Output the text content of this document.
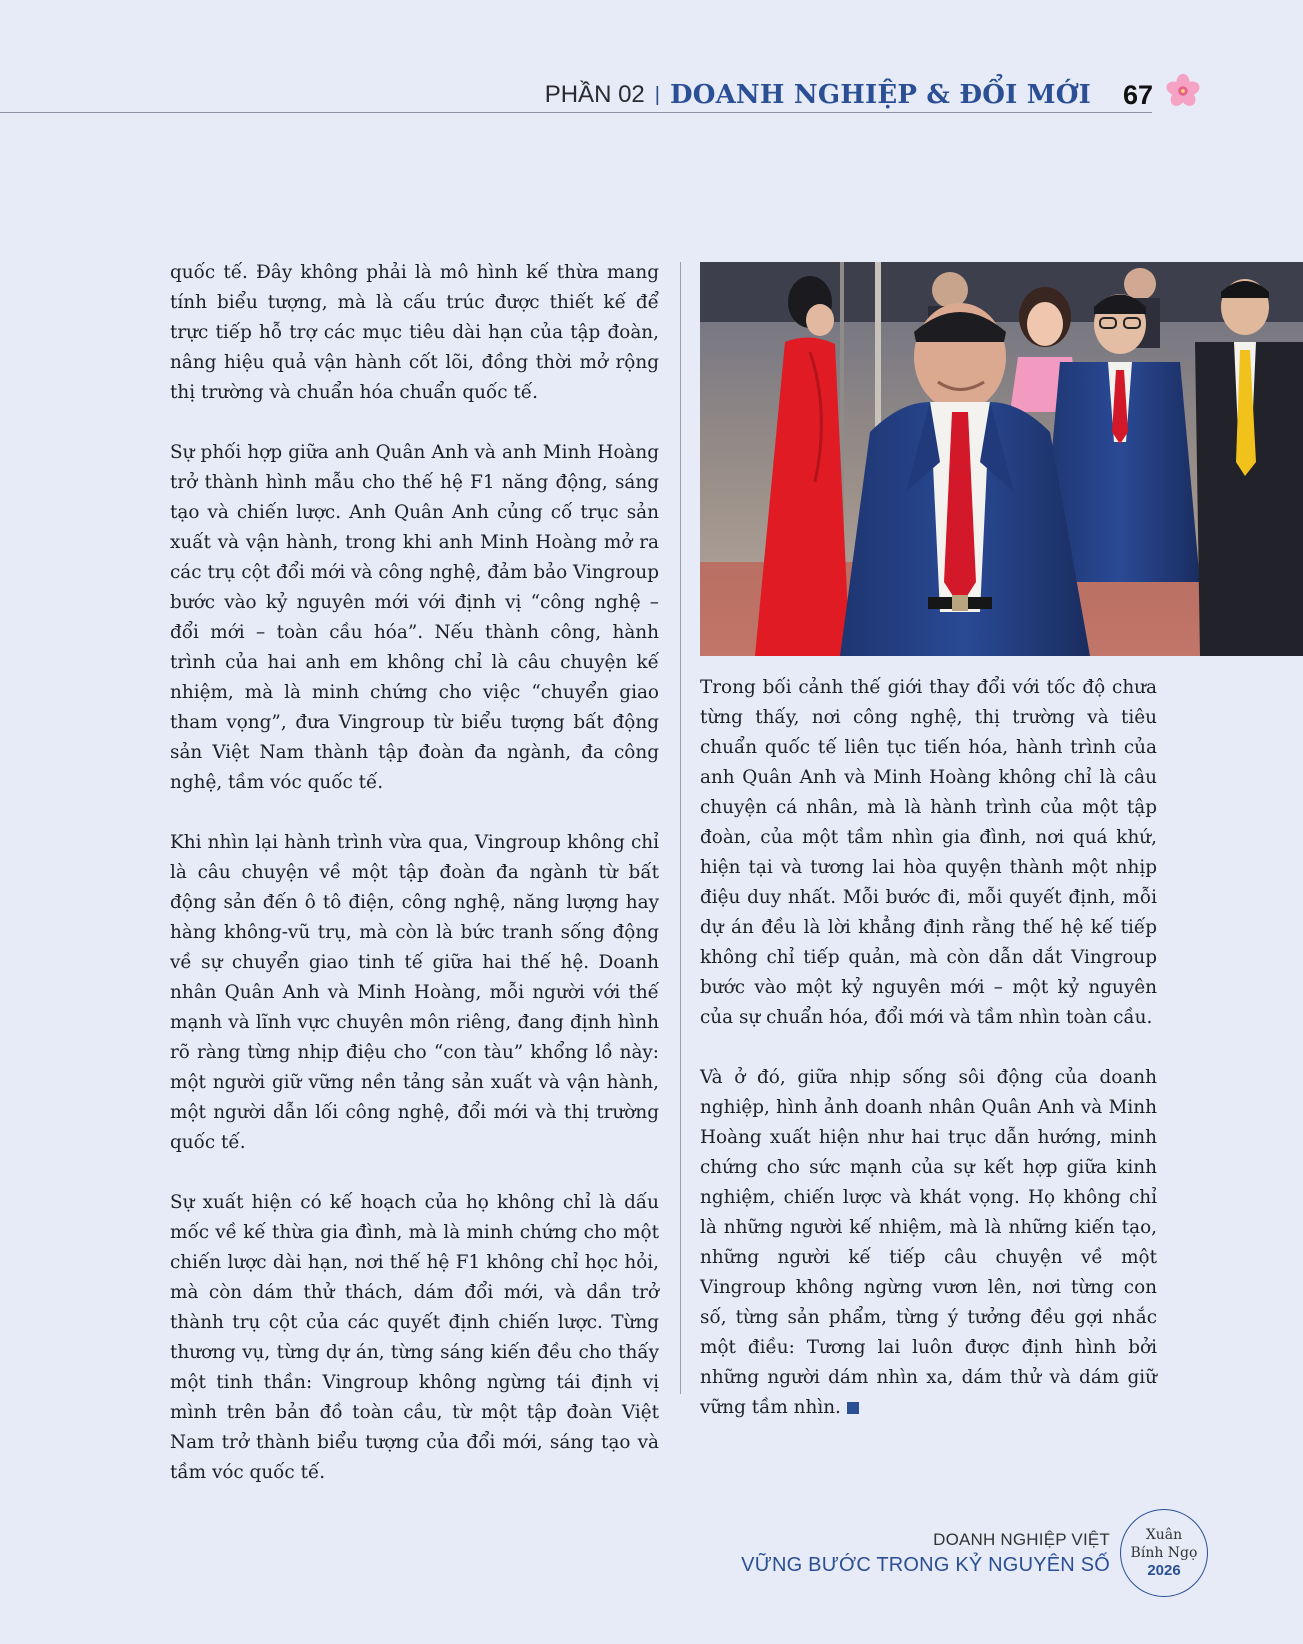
PHẦN 02 | DOANH NGHIỆP & ĐỔI MỚI 67

quốc tế. Đây không phải là mô hình kế thừa mang tính biểu tượng, mà là cấu trúc được thiết kế để trực tiếp hỗ trợ các mục tiêu dài hạn của tập đoàn, nâng hiệu quả vận hành cốt lõi, đồng thời mở rộng thị trường và chuẩn hóa chuẩn quốc tế.

Sự phối hợp giữa anh Quân Anh và anh Minh Hoàng trở thành hình mẫu cho thế hệ F1 năng động, sáng tạo và chiến lược. Anh Quân Anh củng cố trục sản xuất và vận hành, trong khi anh Minh Hoàng mở ra các trụ cột đổi mới và công nghệ, đảm bảo Vingroup bước vào kỷ nguyên mới với định vị “công nghệ – đổi mới – toàn cầu hóa”. Nếu thành công, hành trình của hai anh em không chỉ là câu chuyện kế nhiệm, mà là minh chứng cho việc “chuyển giao tham vọng”, đưa Vingroup từ biểu tượng bất động sản Việt Nam thành tập đoàn đa ngành, đa công nghệ, tầm vóc quốc tế.

Khi nhìn lại hành trình vừa qua, Vingroup không chỉ là câu chuyện về một tập đoàn đa ngành từ bất động sản đến ô tô điện, công nghệ, năng lượng hay hàng không-vũ trụ, mà còn là bức tranh sống động về sự chuyển giao tinh tế giữa hai thế hệ. Doanh nhân Quân Anh và Minh Hoàng, mỗi người với thế mạnh và lĩnh vực chuyên môn riêng, đang định hình rõ ràng từng nhịp điệu cho “con tàu” khổng lồ này: một người giữ vững nền tảng sản xuất và vận hành, một người dẫn lối công nghệ, đổi mới và thị trường quốc tế.

Sự xuất hiện có kế hoạch của họ không chỉ là dấu mốc về kế thừa gia đình, mà là minh chứng cho một chiến lược dài hạn, nơi thế hệ F1 không chỉ học hỏi, mà còn dám thử thách, dám đổi mới, và dần trở thành trụ cột của các quyết định chiến lược. Từng thương vụ, từng dự án, từng sáng kiến đều cho thấy một tinh thần: Vingroup không ngừng tái định vị mình trên bản đồ toàn cầu, từ một tập đoàn Việt Nam trở thành biểu tượng của đổi mới, sáng tạo và tầm vóc quốc tế.

Trong bối cảnh thế giới thay đổi với tốc độ chưa từng thấy, nơi công nghệ, thị trường và tiêu chuẩn quốc tế liên tục tiến hóa, hành trình của anh Quân Anh và Minh Hoàng không chỉ là câu chuyện cá nhân, mà là hành trình của một tập đoàn, của một tầm nhìn gia đình, nơi quá khứ, hiện tại và tương lai hòa quyện thành một nhịp điệu duy nhất. Mỗi bước đi, mỗi quyết định, mỗi dự án đều là lời khẳng định rằng thế hệ kế tiếp không chỉ tiếp quản, mà còn dẫn dắt Vingroup bước vào một kỷ nguyên mới – một kỷ nguyên của sự chuẩn hóa, đổi mới và tầm nhìn toàn cầu.

Và ở đó, giữa nhịp sống sôi động của doanh nghiệp, hình ảnh doanh nhân Quân Anh và Minh Hoàng xuất hiện như hai trục dẫn hướng, minh chứng cho sức mạnh của sự kết hợp giữa kinh nghiệm, chiến lược và khát vọng. Họ không chỉ là những người kế nhiệm, mà là những kiến tạo, những người kế tiếp câu chuyện về một Vingroup không ngừng vươn lên, nơi từng con số, từng sản phẩm, từng ý tưởng đều gợi nhắc một điều: Tương lai luôn được định hình bởi những người dám nhìn xa, dám thử và dám giữ vững tầm nhìn.

DOANH NGHIỆP VIỆT
VỮNG BƯỚC TRONG KỶ NGUYÊN SỐ
Xuân
Bính Ngọ
2026
